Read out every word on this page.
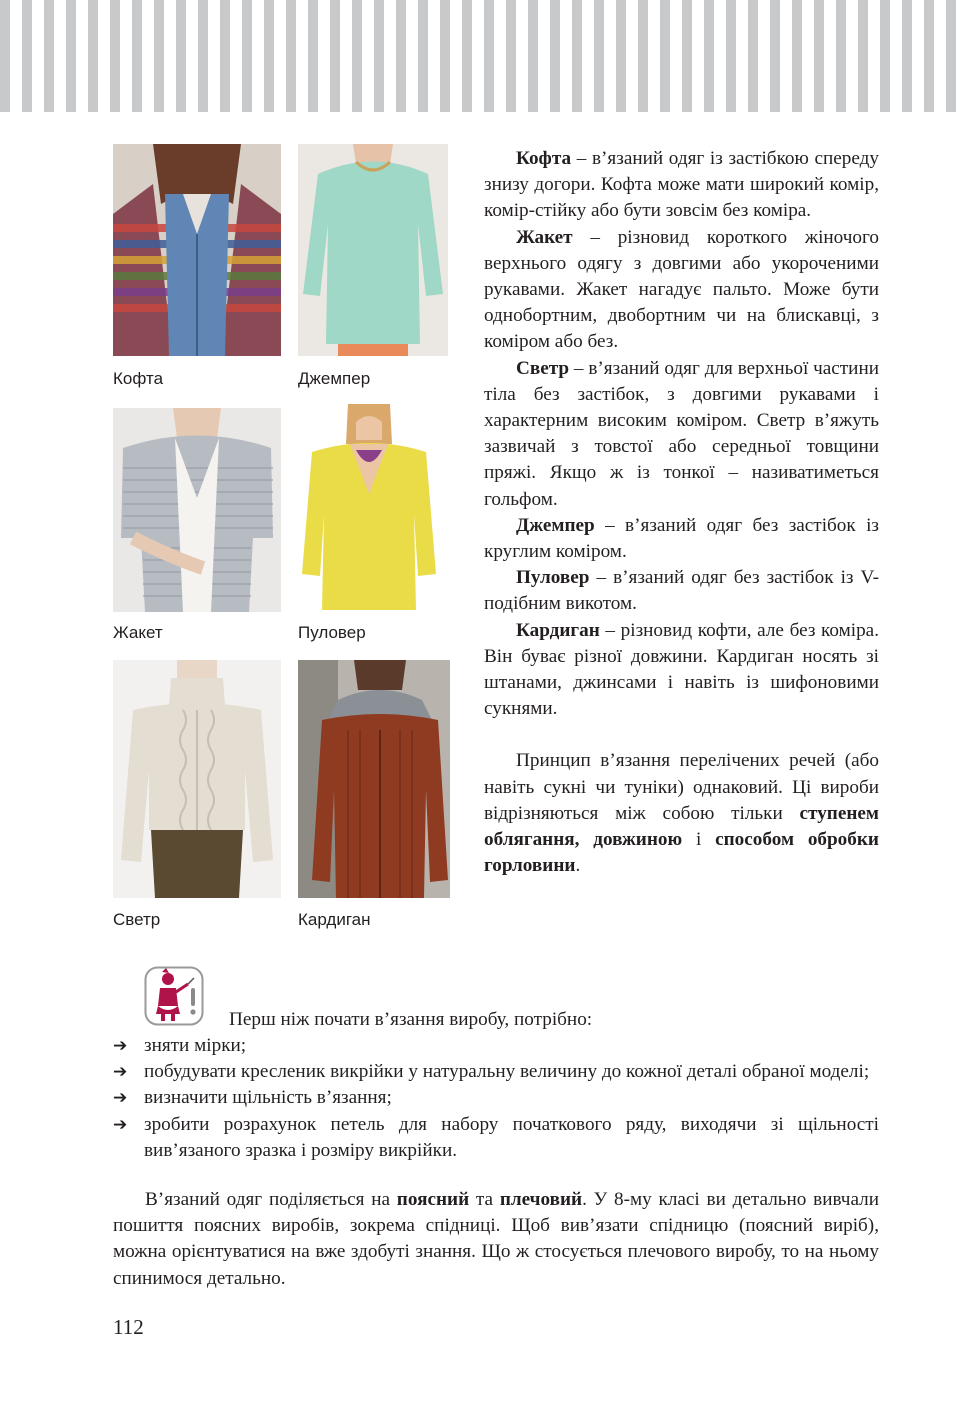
Кофта	Джемпер
Жакет	Пуловер
Светр	Кардиган

Кофта – в’язаний одяг із застібкою спереду знизу догори. Кофта може мати широкий комір, комір-стійку або бути зовсім без коміра.

Жакет – різновид короткого жіночого верхнього одягу з довгими або укороченими рукавами. Жакет нагадує пальто. Може бути однобортним, двобортним чи на блискавці, з коміром або без.

Светр – в’язаний одяг для верхньої частини тіла без застібок, з довгими рукавами і характерним високим коміром. Светр в’яжуть зазвичай з товстої або середньої товщини пряжі. Якщо ж із тонкої – називатиметься гольфом.

Джемпер – в’язаний одяг без застібок із круглим коміром.

Пуловер – в’язаний одяг без застібок із V-подібним викотом.

Кардиган – різновид кофти, але без коміра. Він буває різної довжини. Кардиган носять зі штанами, джинсами і навіть із шифоновими сукнями.

Принцип в’язання перелічених речей (або навіть сукні чи туніки) однаковий. Ці вироби відрізняються між собою тільки ступенем облягання, довжиною і способом обробки горловини.

Перш ніж почати в’язання виробу, потрібно:
➔ зняти мірки;
➔ побудувати кресленик викрійки у натуральну величину до кожної деталі обраної моделі;
➔ визначити щільність в’язання;
➔ зробити розрахунок петель для набору початкового ряду, виходячи зі щільності вив’язаного зразка і розміру викрійки.

В’язаний одяг поділяється на поясний та плечовий. У 8-му класі ви детально вивчали пошиття поясних виробів, зокрема спідниці. Щоб вив’язати спідницю (поясний виріб), можна орієнтуватися на вже здобуті знання. Що ж стосується плечового виробу, то на ньому спинимося детально.

112
